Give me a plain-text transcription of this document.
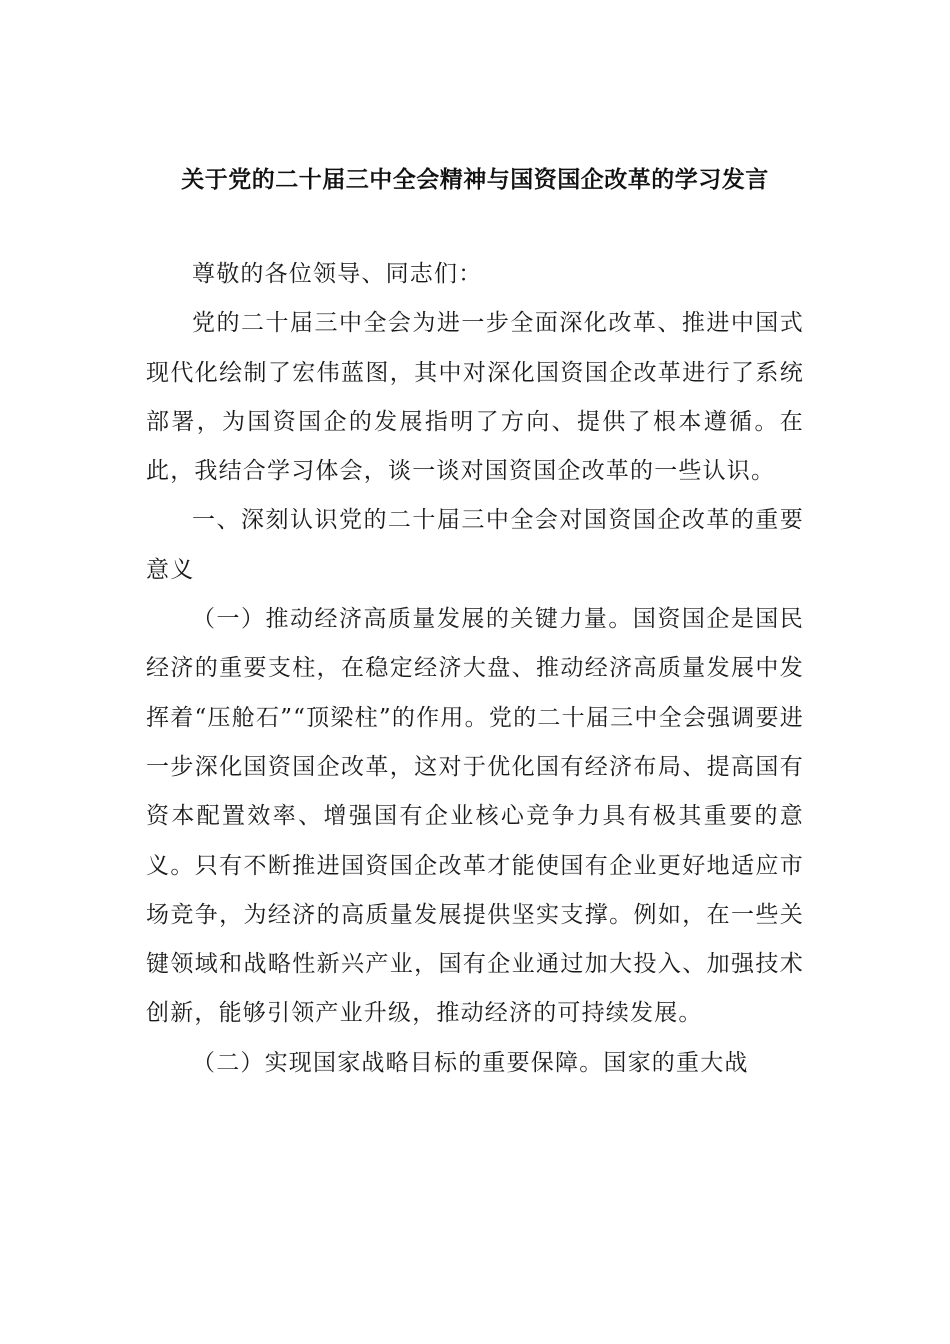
关于党的二十届三中全会精神与国资国企改革的学习发言

尊敬的各位领导、同志们：

党的二十届三中全会为进一步全面深化改革、推进中国式现代化绘制了宏伟蓝图，其中对深化国资国企改革进行了系统部署，为国资国企的发展指明了方向、提供了根本遵循。在此，我结合学习体会，谈一谈对国资国企改革的一些认识。

一、深刻认识党的二十届三中全会对国资国企改革的重要意义

（一）推动经济高质量发展的关键力量。国资国企是国民经济的重要支柱，在稳定经济大盘、推动经济高质量发展中发挥着“压舱石”“顶梁柱”的作用。党的二十届三中全会强调要进一步深化国资国企改革，这对于优化国有经济布局、提高国有资本配置效率、增强国有企业核心竞争力具有极其重要的意义。只有不断推进国资国企改革才能使国有企业更好地适应市场竞争，为经济的高质量发展提供坚实支撑。例如，在一些关键领域和战略性新兴产业，国有企业通过加大投入、加强技术创新，能够引领产业升级，推动经济的可持续发展。

（二）实现国家战略目标的重要保障。国家的重大战
